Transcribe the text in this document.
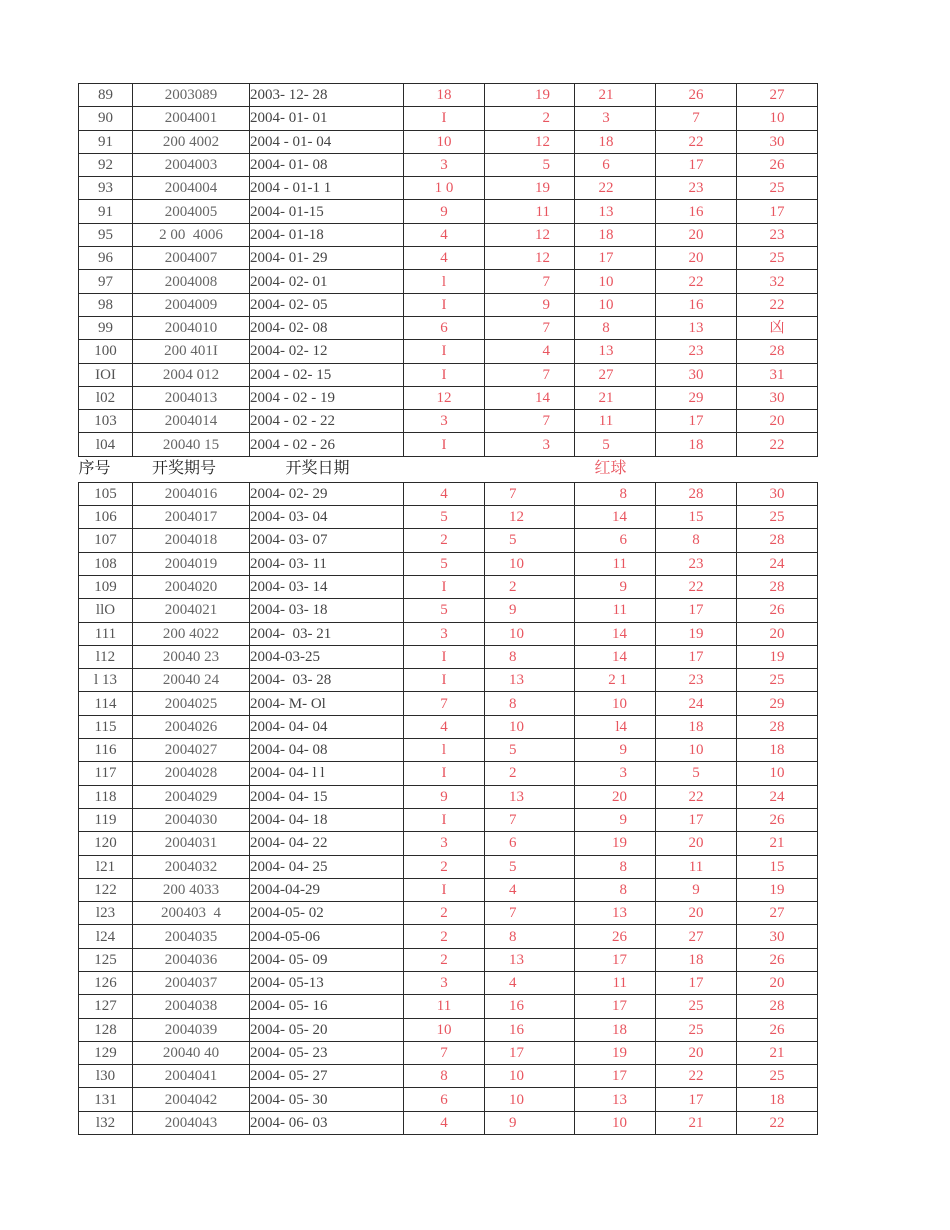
89	2003089	2003- 12- 28	18	19	21	26	27
90	2004001	2004- 01- 01	I	2	3	7	10
91	200 4002	2004 - 01- 04	10	12	18	22	30
92	2004003	2004- 01- 08	3	5	6	17	26
93	2004004	2004 - 01-1 1	1 0	19	22	23	25
91	2004005	2004- 01-15	9	11	13	16	17
95	2 00  4006	2004- 01-18	4	12	18	20	23
96	2004007	2004- 01- 29	4	12	17	20	25
97	2004008	2004- 02- 01	l	7	10	22	32
98	2004009	2004- 02- 05	I	9	10	16	22
99	2004010	2004- 02- 08	6	7	8	13	凶
100	200 401I	2004- 02- 12	I	4	13	23	28
IOI	2004 012	2004 - 02- 15	I	7	27	30	31
l02	2004013	2004 - 02 - 19	12	14	21	29	30
103	2004014	2004 - 02 - 22	3	7	11	17	20
l04	20040 15	2004 - 02 - 26	I	3	5	18	22
序号	开奖期号	开奖日期	红球				
105	2004016	2004- 02- 29	4	7	8	28	30
106	2004017	2004- 03- 04	5	12	14	15	25
107	2004018	2004- 03- 07	2	5	6	8	28
108	2004019	2004- 03- 11	5	10	11	23	24
109	2004020	2004- 03- 14	I	2	9	22	28
llO	2004021	2004- 03- 18	5	9	11	17	26
111	200 4022	2004-  03- 21	3	10	14	19	20
l12	20040 23	2004-03-25	I	8	14	17	19
l 13	20040 24	2004-  03- 28	I	13	2 1	23	25
114	2004025	2004- M- Ol	7	8	10	24	29
115	2004026	2004- 04- 04	4	10	l4	18	28
116	2004027	2004- 04- 08	l	5	9	10	18
117	2004028	2004- 04- l l	I	2	3	5	10
118	2004029	2004- 04- 15	9	13	20	22	24
119	2004030	2004- 04- 18	I	7	9	17	26
120	2004031	2004- 04- 22	3	6	19	20	21
l21	2004032	2004- 04- 25	2	5	8	11	15
122	200 4033	2004-04-29	I	4	8	9	19
l23	200403  4	2004-05- 02	2	7	13	20	27
l24	2004035	2004-05-06	2	8	26	27	30
125	2004036	2004- 05- 09	2	13	17	18	26
126	2004037	2004- 05-13	3	4	11	17	20
127	2004038	2004- 05- 16	11	16	17	25	28
128	2004039	2004- 05- 20	10	16	18	25	26
129	20040 40	2004- 05- 23	7	17	19	20	21
l30	2004041	2004- 05- 27	8	10	17	22	25
131	2004042	2004- 05- 30	6	10	13	17	18
l32	2004043	2004- 06- 03	4	9	10	21	22
